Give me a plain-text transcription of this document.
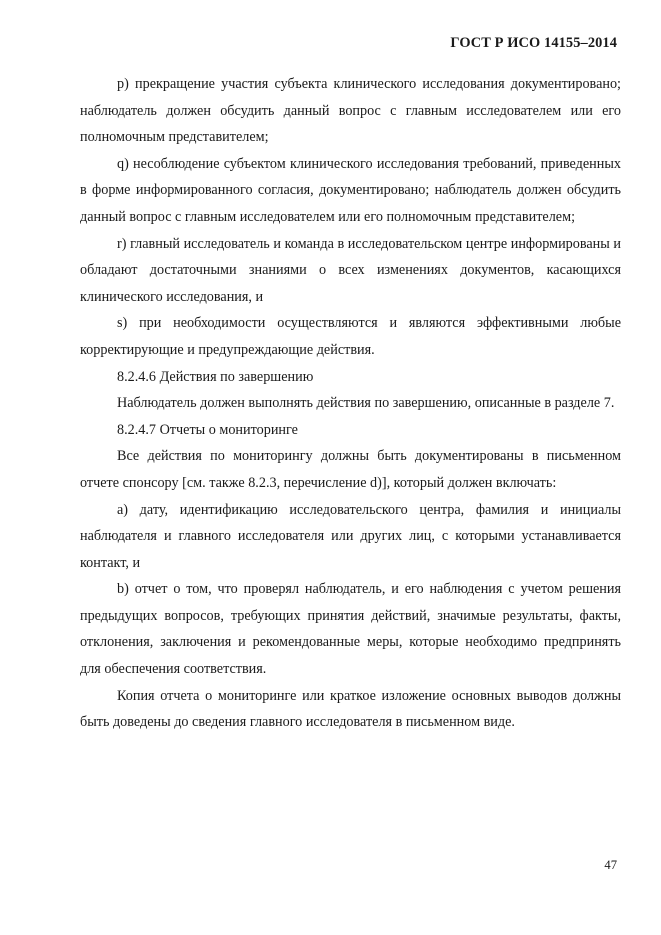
ГОСТ Р ИСО 14155–2014

p) прекращение участия субъекта клинического исследования документировано; наблюдатель должен обсудить данный вопрос с главным исследователем или его полномочным представителем;

q) несоблюдение субъектом клинического исследования требований, приведенных в форме информированного согласия, документировано; наблюдатель должен обсудить данный вопрос с главным исследователем или его полномочным представителем;

r) главный исследователь и команда в исследовательском центре информированы и обладают достаточными знаниями о всех изменениях документов, касающихся клинического исследования, и

s) при необходимости осуществляются и являются эффективными любые корректирующие и предупреждающие действия.

8.2.4.6 Действия по завершению

Наблюдатель должен выполнять действия по завершению, описанные в разделе 7.

8.2.4.7 Отчеты о мониторинге

Все действия по мониторингу должны быть документированы в письменном отчете спонсору [см. также 8.2.3, перечисление d)], который должен включать:

a) дату, идентификацию исследовательского центра, фамилия и инициалы наблюдателя и главного исследователя или других лиц, с которыми устанавливается контакт, и

b) отчет о том, что проверял наблюдатель, и его наблюдения с учетом решения предыдущих вопросов, требующих принятия действий, значимые результаты, факты, отклонения, заключения и рекомендованные меры, которые необходимо предпринять для обеспечения соответствия.

Копия отчета о мониторинге или краткое изложение основных выводов должны быть доведены до сведения главного исследователя в письменном виде.

47
